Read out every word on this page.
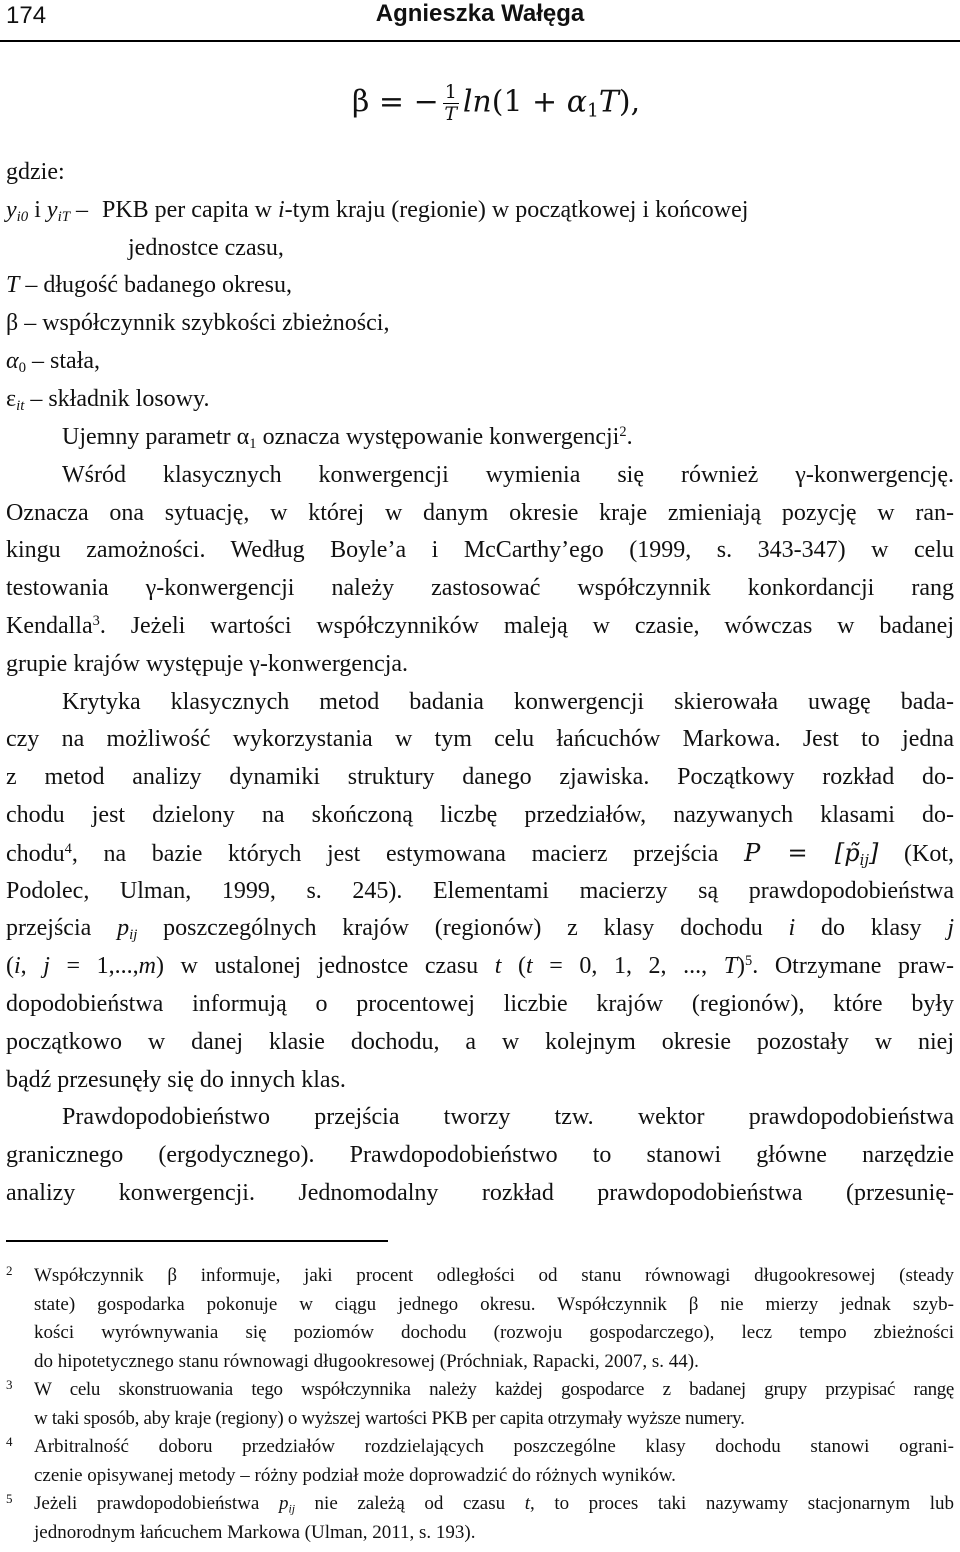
174	Agnieszka Wałęga
β = − $\frac{1}{T} \ln(1 + \alpha_1T)$,
gdzie:
$y_{i0}$ i $y_{iT}$ – PKB per capita w i-tym kraju (regionie) w początkowej i końcowej
jednostce czasu,
T – długość badanego okresu,
β – współczynnik szybkości zbieżności,
$\alpha_0$ – stała,
$\varepsilon_{it}$ – składnik losowy.
Ujemny parametr $\alpha_1$ oznacza występowanie konwergencji$^2$.
Wśród klasycznych konwergencji wymienia się również γ-konwergencję.
Oznacza ona sytuację, w której w danym okresie kraje zmieniają pozycję w ran-
kingu zamożności. Według Boyle’a i McCarthy’ego (1999, s. 343-347) w celu
testowania γ-konwergencji należy zastosować współczynnik konkordancji rang
Kendalla$^3$. Jeżeli wartości współczynników maleją w czasie, wówczas w badanej
grupie krajów występuje γ-konwergencja.
Krytyka klasycznych metod badania konwergencji skierowała uwagę bada-
czy na możliwość wykorzystania w tym celu łańcuchów Markowa. Jest to jedna
z metod analizy dynamiki struktury danego zjawiska. Początkowy rozkład do-
chodu jest dzielony na skończoną liczbę przedziałów, nazywanych klasami do-
chodu$^4$, na bazie których jest estymowana macierz przejścia $P = [p̃_{ij}]$ (Kot,
Podolec, Ulman, 1999, s. 245). Elementami macierzy są prawdopodobieństwa
przejścia $p_{ij}$ poszczególnych krajów (regionów) z klasy dochodu i do klasy j
(i, j = 1,...,m) w ustalonej jednostce czasu t (t = 0, 1, 2, ..., T)$^5$. Otrzymane praw-
dopodobieństwa informują o procentowej liczbie krajów (regionów), które były
początkowo w danej klasie dochodu, a w kolejnym okresie pozostały w niej
bądź przesunęły się do innych klas.
Prawdopodobieństwo przejścia tworzy tzw. wektor prawdopodobieństwa
granicznego (ergodycznego). Prawdopodobieństwo to stanowi główne narzędzie
analizy konwergencji. Jednomodalny rozkład prawdopodobieństwa (przesunię-
2 Współczynnik β informuje, jaki procent odległości od stanu równowagi długookresowej (steady
state) gospodarka pokonuje w ciągu jednego okresu. Współczynnik β nie mierzy jednak szyb-
kości wyrównywania się poziomów dochodu (rozwoju gospodarczego), lecz tempo zbieżności
do hipotetycznego stanu równowagi długookresowej (Próchniak, Rapacki, 2007, s. 44).
3 W celu skonstruowania tego współczynnika należy każdej gospodarce z badanej grupy przypisać rangę
w taki sposób, aby kraje (regiony) o wyższej wartości PKB per capita otrzymały wyższe numery.
4 Arbitralność doboru przedziałów rozdzielających poszczególne klasy dochodu stanowi ograni-
czenie opisywanej metody – różny podział może doprowadzić do różnych wyników.
5 Jeżeli prawdopodobieństwa $p_{ij}$ nie zależą od czasu t, to proces taki nazywamy stacjonarnym lub
jednorodnym łańcuchem Markowa (Ulman, 2011, s. 193).
